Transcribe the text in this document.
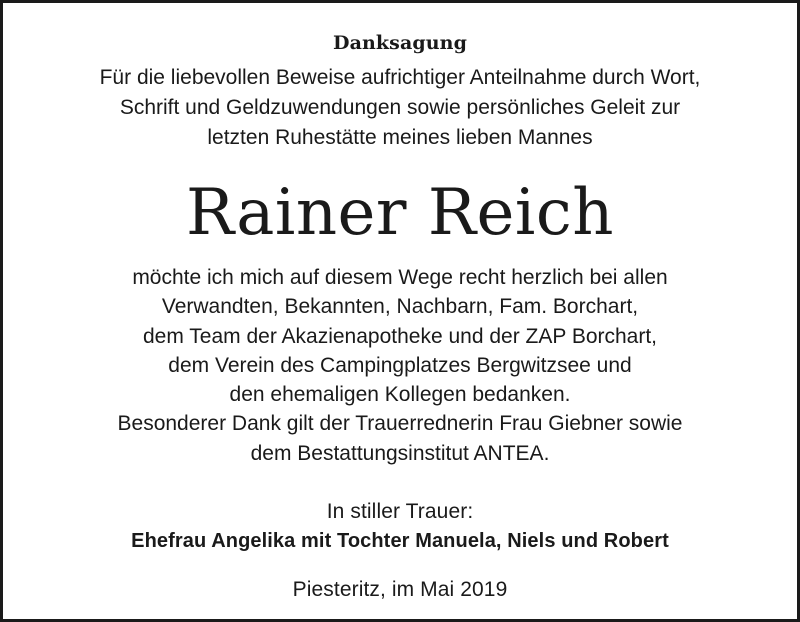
Danksagung
Für die liebevollen Beweise aufrichtiger Anteilnahme durch Wort,
Schrift und Geldzuwendungen sowie persönliches Geleit zur
letzten Ruhestätte meines lieben Mannes
Rainer Reich
möchte ich mich auf diesem Wege recht herzlich bei allen
Verwandten, Bekannten, Nachbarn, Fam. Borchart,
dem Team der Akazienapotheke und der ZAP Borchart,
dem Verein des Campingplatzes Bergwitzsee und
den ehemaligen Kollegen bedanken.
Besonderer Dank gilt der Trauerrednerin Frau Giebner sowie
dem Bestattungsinstitut ANTEA.
In stiller Trauer:
Ehefrau Angelika mit Tochter Manuela, Niels und Robert
Piesteritz, im Mai 2019
